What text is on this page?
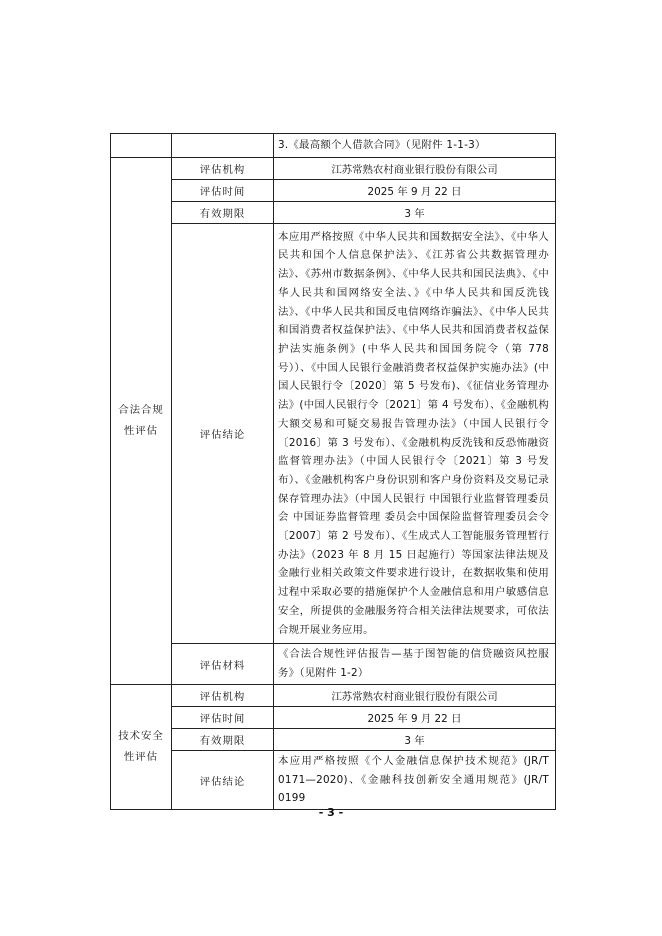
		3.《最高额个人借款合同》（见附件 1-1-3）

合法合规
性评估	评估机构	江苏常熟农村商业银行股份有限公司
	评估时间	2025 年 9 月 22 日
	有效期限	3 年
	评估结论	本应用严格按照《中华人民共和国数据安全法》、《中华人民共和国个人信息保护法》、《江苏省公共数据管理办法》、《苏州市数据条例》、《中华人民共和国民法典》、《中华人民共和国网络安全法、》《中华人民共和国反洗钱法》、《中华人民共和国反电信网络诈骗法》、《中华人民共和国消费者权益保护法》、《中华人民共和国消费者权益保护法实施条例》(中华人民共和国国务院令（第 778 号））、《中国人民银行金融消费者权益保护实施办法》(中国人民银行令〔2020〕第 5 号发布)、《征信业务管理办法》(中国人民银行令〔2021〕第 4 号发布）、《金融机构大额交易和可疑交易报告管理办法》（中国人民银行令〔2016〕第 3 号发布）、《金融机构反洗钱和反恐怖融资监督管理办法》（中国人民银行令〔2021〕第 3 号发布）、《金融机构客户身份识别和客户身份资料及交易记录保存管理办法》（中国人民银行 中国银行业监督管理委员会 中国证券监督管理 委员会中国保险监督管理委员会令〔2007〕第 2 号发布）、《生成式人工智能服务管理暂行办法》（2023 年 8 月 15 日起施行）等国家法律法规及金融行业相关政策文件要求进行设计，在数据收集和使用过程中采取必要的措施保护个人金融信息和用户敏感信息安全，所提供的金融服务符合相关法律法规要求，可依法合规开展业务应用。
	评估材料	《合法合规性评估报告—基于图智能的信贷融资风控服务》（见附件 1-2）

技术安全
性评估	评估机构	江苏常熟农村商业银行股份有限公司
	评估时间	2025 年 9 月 22 日
	有效期限	3 年
	评估结论	本应用严格按照《个人金融信息保护技术规范》(JR/T 0171—2020)、《金融科技创新安全通用规范》(JR/T 0199
- 3 -
